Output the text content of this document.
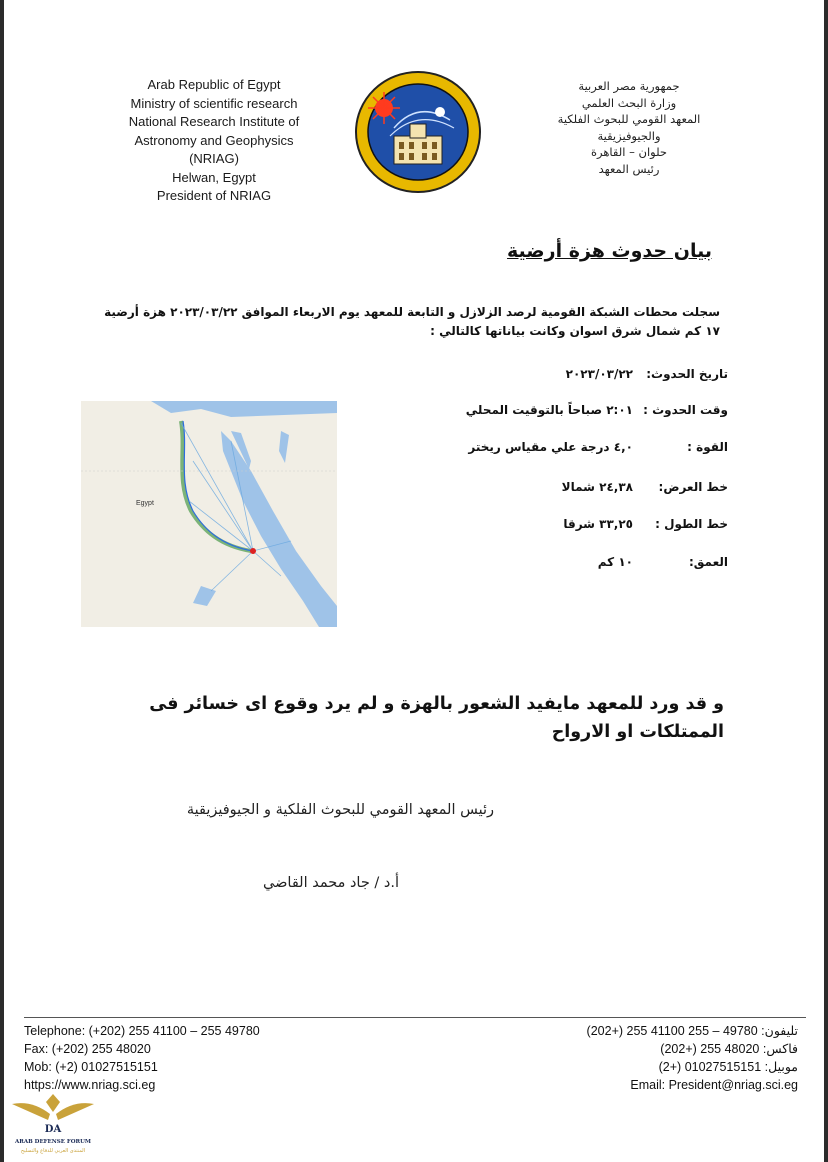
Arab Republic of Egypt
Ministry of scientific research
National Research Institute of
Astronomy and Geophysics
(NRIAG)
Helwan, Egypt
President of NRIAG
جمهورية مصر العربية
وزارة البحث العلمي
المعهد القومي للبحوث الفلكية
والجيوفيزيقية
حلوان – القاهرة
رئيس المعهد
بيان حدوث هزة أرضية
سجلت محطات الشبكة القومية لرصد الزلازل و التابعة للمعهد يوم الاربعاء الموافق ٢٠٢٣/٠٣/٢٢ هزة أرضية ١٧ كم شمال شرق اسوان وكانت بياناتها كالتالي :
تاريخ الحدوث:
٢٠٢٣/٠٣/٢٢
وقت الحدوث :
٢:٠١ صباحاً بالتوقيت المحلي
القوة :
٤,٠ درجة علي مقياس ريختر
خط العرض:
٢٤,٣٨ شمالا
خط الطول :
٣٣,٢٥ شرقا
العمق:
١٠ كم
Egypt
و قد ورد للمعهد مايفيد الشعور بالهزة و لم يرد وقوع اى خسائر فى الممتلكات او الارواح
رئيس المعهد القومي للبحوث الفلكية و الجيوفيزيقية
أ.د / جاد محمد القاضي
Telephone: (+202) 255 41100 – 255 49780
Fax: (+202) 255 48020
Mob: (+2) 01027515151
https://www.nriag.sci.eg
تليفون: 49780 – 255 41100 255 (+202)
فاكس: 48020 255 (+202)
موبيل: 01027515151 (+2)
Email: President@nriag.sci.eg
DA
ARAB DEFENSE FORUM
المنتدى العربي للدفاع والتسليح
